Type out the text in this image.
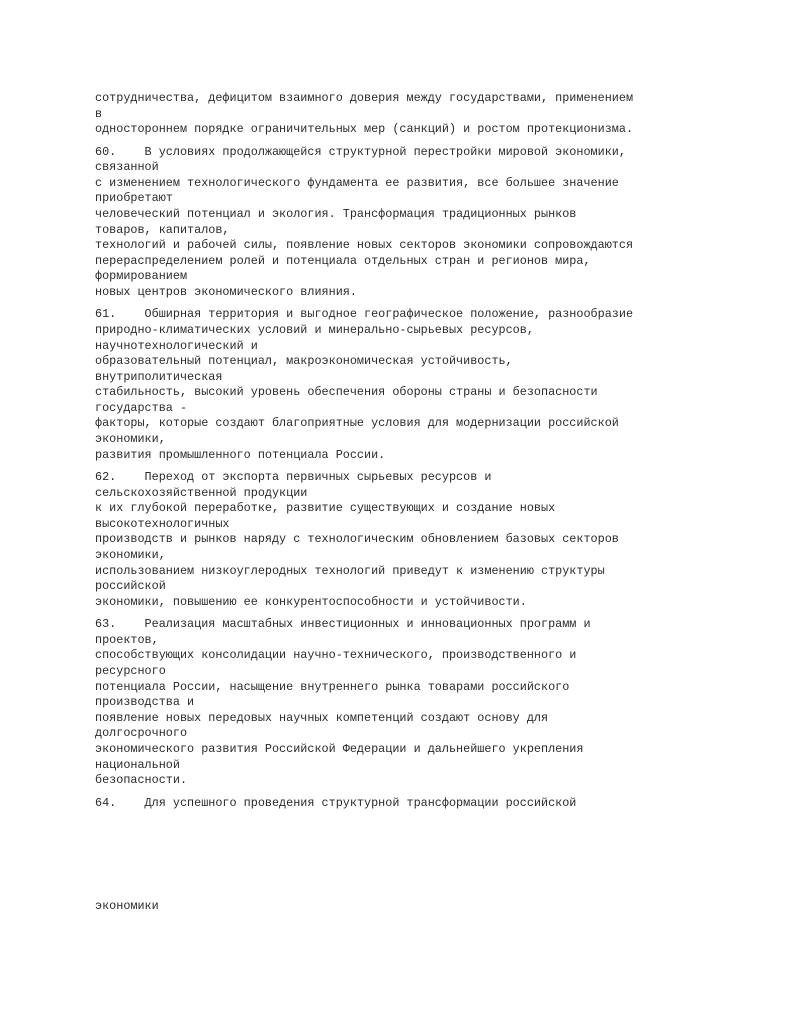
сотрудничества, дефицитом взаимного доверия между государствами, применением
в
одностороннем порядке ограничительных мер (санкций) и ростом протекционизма.
60.    В условиях продолжающейся структурной перестройки мировой экономики,
связанной
с изменением технологического фундамента ее развития, все большее значение
приобретают
человеческий потенциал и экология. Трансформация традиционных рынков
товаров, капиталов,
технологий и рабочей силы, появление новых секторов экономики сопровождаются
перераспределением ролей и потенциала отдельных стран и регионов мира,
формированием
новых центров экономического влияния.
61.    Обширная территория и выгодное географическое положение, разнообразие
природно-климатических условий и минерально-сырьевых ресурсов,
научнотехнологический и
образовательный потенциал, макроэкономическая устойчивость,
внутриполитическая
стабильность, высокий уровень обеспечения обороны страны и безопасности
государства -
факторы, которые создают благоприятные условия для модернизации российской
экономики,
развития промышленного потенциала России.
62.    Переход от экспорта первичных сырьевых ресурсов и
сельскохозяйственной продукции
к их глубокой переработке, развитие существующих и создание новых
высокотехнологичных
производств и рынков наряду с технологическим обновлением базовых секторов
экономики,
использованием низкоуглеродных технологий приведут к изменению структуры
российской
экономики, повышению ее конкурентоспособности и устойчивости.
63.    Реализация масштабных инвестиционных и инновационных программ и
проектов,
способствующих консолидации научно-технического, производственного и
ресурсного
потенциала России, насыщение внутреннего рынка товарами российского
производства и
появление новых передовых научных компетенций создают основу для
долгосрочного
экономического развития Российской Федерации и дальнейшего укрепления
национальной
безопасности.
64.    Для успешного проведения структурной трансформации российской
экономики
